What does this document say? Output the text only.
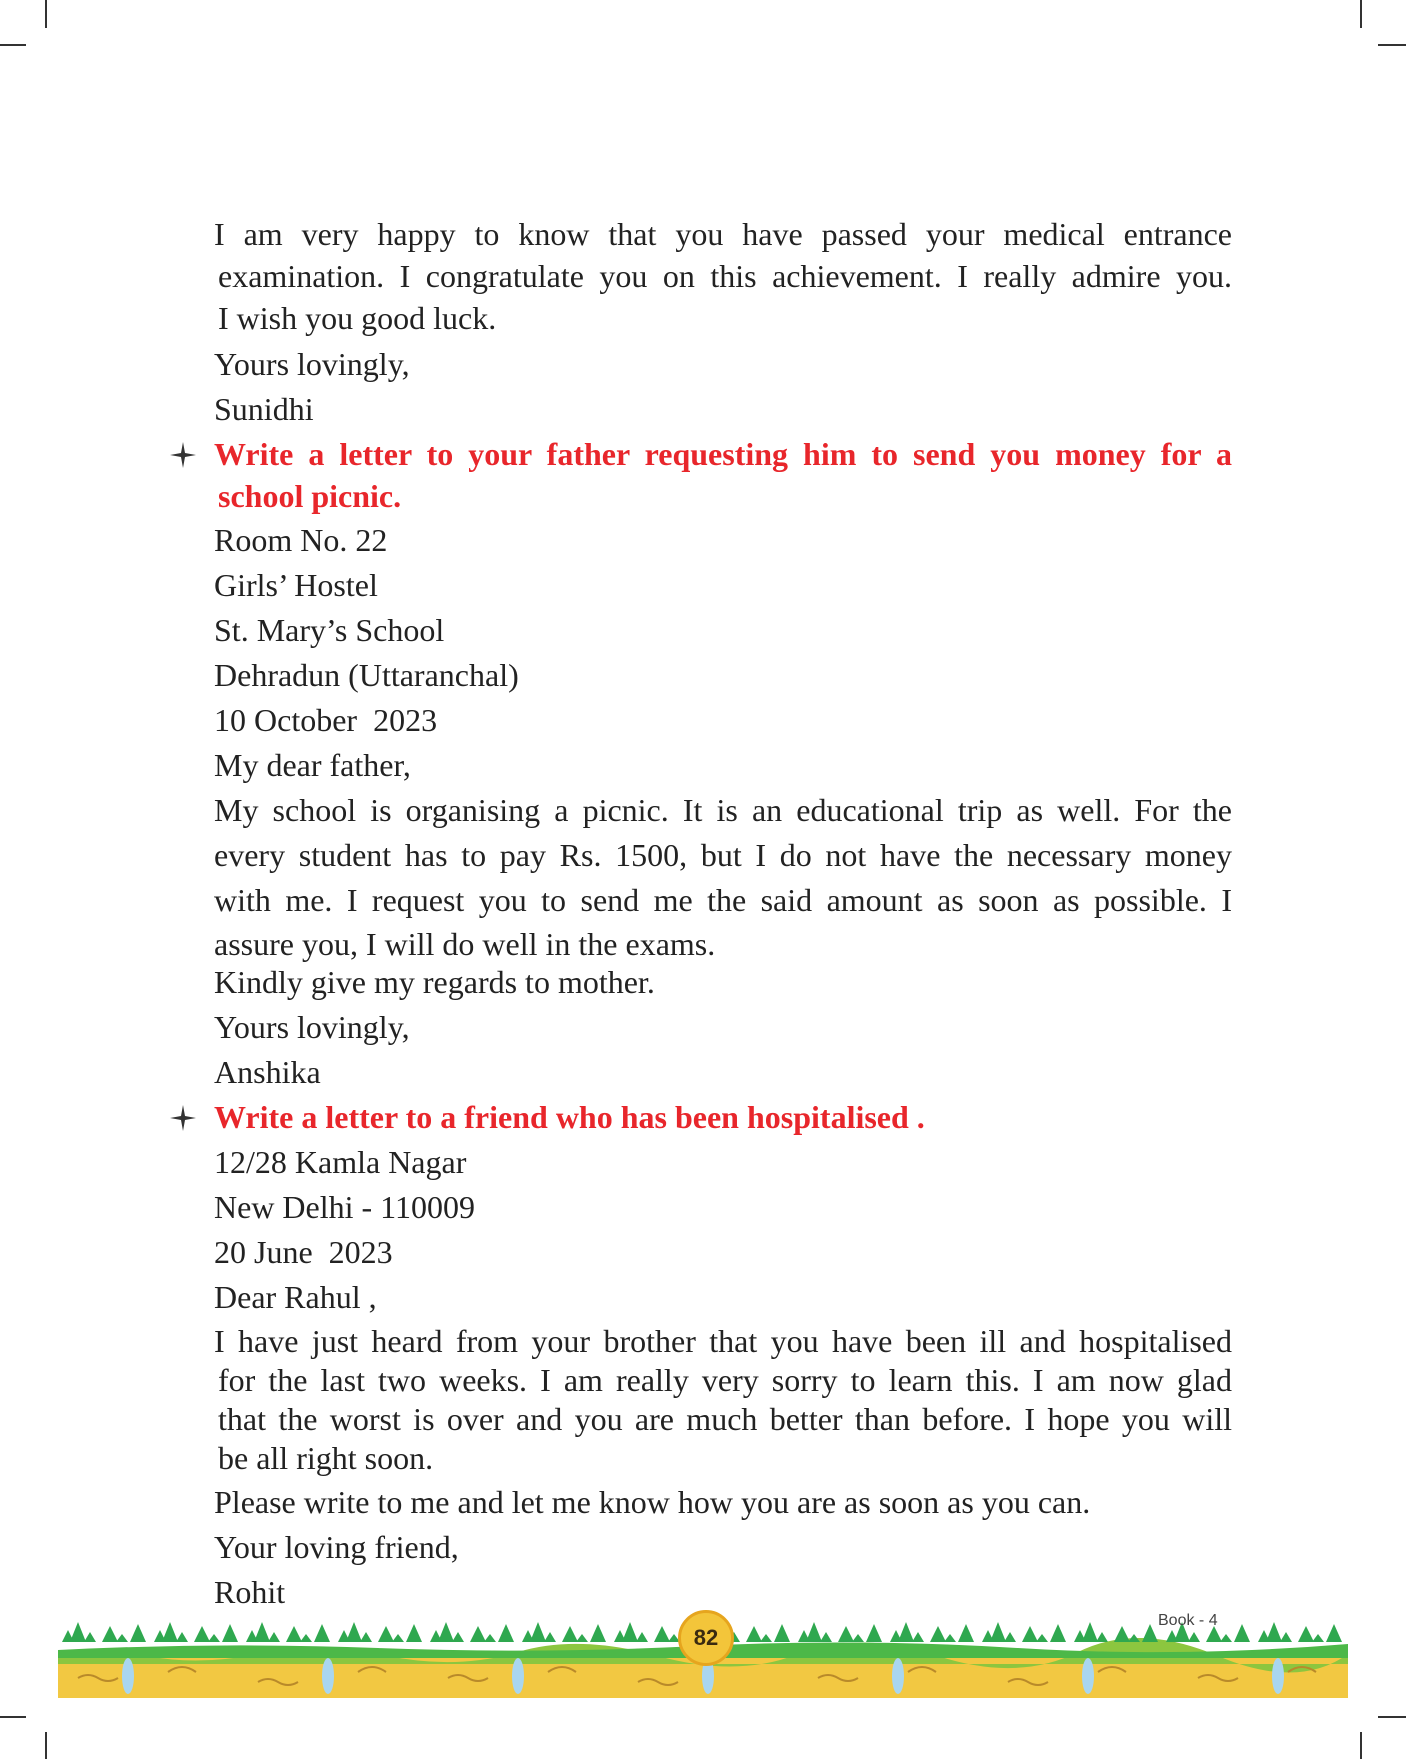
I am very happy to know that you have passed your medical entrance
examination. I congratulate you on this achievement. I really admire you.
I wish you good luck.
Yours lovingly,
Sunidhi
Write a letter to your father requesting him to send you money for a
school picnic.
Room No. 22
Girls’ Hostel
St. Mary’s School
Dehradun (Uttaranchal)
10 October  2023
My dear father,
My school is organising a picnic. It is an educational trip as well. For the
every student has to pay Rs. 1500, but I do not have the necessary money
with me. I request you to send me the said amount as soon as possible. I
assure you, I will do well in the exams.
Kindly give my regards to mother.
Yours lovingly,
Anshika
Write a letter to a friend who has been hospitalised .
12/28 Kamla Nagar
New Delhi - 110009
20 June  2023
Dear Rahul ,
I have just heard from your brother that you have been ill and hospitalised
for the last two weeks. I am really very sorry to learn this. I am now glad
that the worst is over and you are much better than before. I hope you will
be all right soon.
Please write to me and let me know how you are as soon as you can.
Your loving friend,
Rohit
82
Book - 4
